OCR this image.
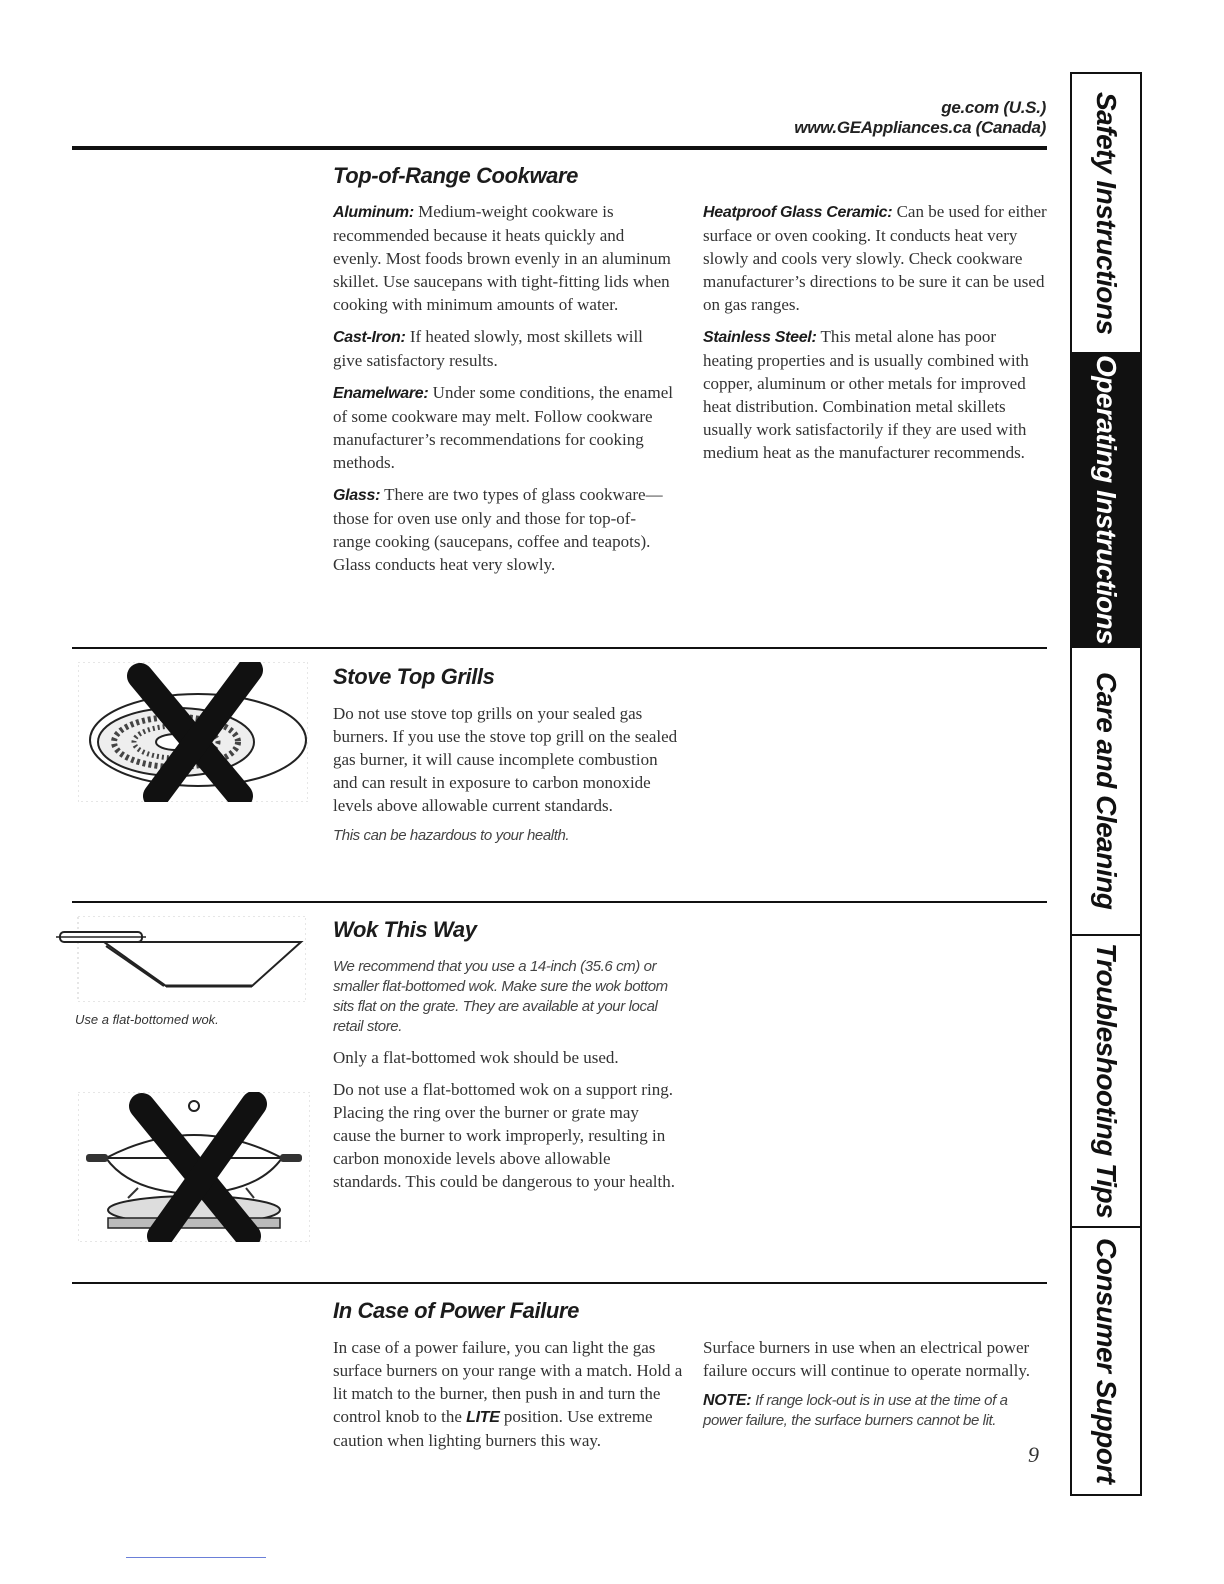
ge.com (U.S.)
www.GEAppliances.ca (Canada) Safety Instructions
Operating Instructions
Care and Cleaning
Troubleshooting Tips
Consumer Support
Top-of-Range Cookware

Aluminum: Medium-weight cookware is recommended because it heats quickly and evenly. Most foods brown evenly in an aluminum skillet. Use saucepans with tight-fitting lids when cooking with minimum amounts of water.

Cast-Iron: If heated slowly, most skillets will give satisfactory results.

Enamelware: Under some conditions, the enamel of some cookware may melt. Follow cookware manufacturer’s recommendations for cooking methods.

Glass: There are two types of glass cookware—those for oven use only and those for top-of-range cooking (saucepans, coffee and teapots). Glass conducts heat very slowly.

Heatproof Glass Ceramic: Can be used for either surface or oven cooking. It conducts heat very slowly and cools very slowly. Check cookware manufacturer’s directions to be sure it can be used on gas ranges.

Stainless Steel: This metal alone has poor heating properties and is usually combined with copper, aluminum or other metals for improved heat distribution. Combination metal skillets usually work satisfactorily if they are used with medium heat as the manufacturer recommends.

Stove Top Grills

Do not use stove top grills on your sealed gas burners. If you use the stove top grill on the sealed gas burner, it will cause incomplete combustion and can result in exposure to carbon monoxide levels above allowable current standards.

This can be hazardous to your health.

Use a flat-bottomed wok.
Wok This Way

We recommend that you use a 14-inch (35.6 cm) or smaller flat-bottomed wok. Make sure the wok bottom sits flat on the grate. They are available at your local retail store.

Only a flat-bottomed wok should be used.

Do not use a flat-bottomed wok on a support ring. Placing the ring over the burner or grate may cause the burner to work improperly, resulting in carbon monoxide levels above allowable standards. This could be dangerous to your health.

In Case of Power Failure

In case of a power failure, you can light the gas surface burners on your range with a match. Hold a lit match to the burner, then push in and turn the control knob to the LITE position. Use extreme caution when lighting burners this way.

Surface burners in use when an electrical power failure occurs will continue to operate normally.

NOTE: If range lock-out is in use at the time of a power failure, the surface burners cannot be lit.

9
